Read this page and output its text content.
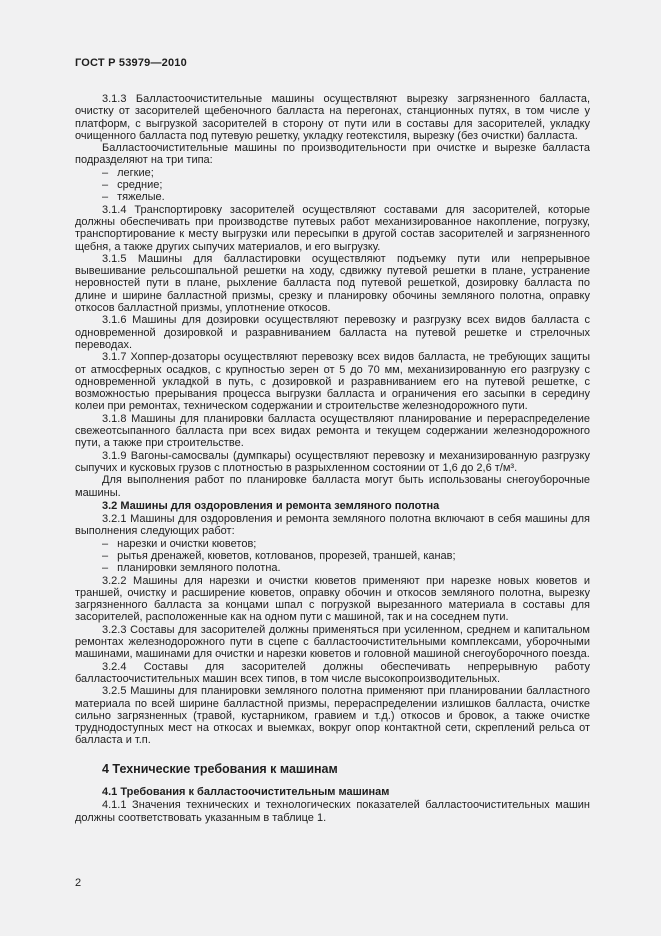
ГОСТ Р 53979—2010
3.1.3 Балластоочистительные машины осуществляют вырезку загрязненного балласта, очистку от засорителей щебеночного балласта на перегонах, станционных путях, в том числе у платформ, с выгрузкой засорителей в сторону от пути или в составы для засорителей, укладку очищенного балласта под путевую решетку, укладку геотекстиля, вырезку (без очистки) балласта.
Балластоочистительные машины по производительности при очистке и вырезке балласта подразделяют на три типа:
– легкие;
– средние;
– тяжелые.
3.1.4 Транспортировку засорителей осуществляют составами для засорителей, которые должны обеспечивать при производстве путевых работ механизированное накопление, погрузку, транспортирование к месту выгрузки или пересыпки в другой состав засорителей и загрязненного щебня, а также других сыпучих материалов, и его выгрузку.
3.1.5 Машины для балластировки осуществляют подъемку пути или непрерывное вывешивание рельсошпальной решетки на ходу, сдвижку путевой решетки в плане, устранение неровностей пути в плане, рыхление балласта под путевой решеткой, дозировку балласта по длине и ширине балластной призмы, срезку и планировку обочины земляного полотна, оправку откосов балластной призмы, уплотнение откосов.
3.1.6 Машины для дозировки осуществляют перевозку и разгрузку всех видов балласта с одновременной дозировкой и разравниванием балласта на путевой решетке и стрелочных переводах.
3.1.7 Хоппер-дозаторы осуществляют перевозку всех видов балласта, не требующих защиты от атмосферных осадков, с крупностью зерен от 5 до 70 мм, механизированную его разгрузку с одновременной укладкой в путь, с дозировкой и разравниванием его на путевой решетке, с возможностью прерывания процесса выгрузки балласта и ограничения его засыпки в середину колеи при ремонтах, техническом содержании и строительстве железнодорожного пути.
3.1.8 Машины для планировки балласта осуществляют планирование и перераспределение свежеотсыпанного балласта при всех видах ремонта и текущем содержании железнодорожного пути, а также при строительстве.
3.1.9 Вагоны-самосвалы (думпкары) осуществляют перевозку и механизированную разгрузку сыпучих и кусковых грузов с плотностью в разрыхленном состоянии от 1,6 до 2,6 т/м³.
Для выполнения работ по планировке балласта могут быть использованы снегоуборочные машины.
3.2 Машины для оздоровления и ремонта земляного полотна
3.2.1 Машины для оздоровления и ремонта земляного полотна включают в себя машины для выполнения следующих работ:
– нарезки и очистки кюветов;
– рытья дренажей, кюветов, котлованов, прорезей, траншей, канав;
– планировки земляного полотна.
3.2.2 Машины для нарезки и очистки кюветов применяют при нарезке новых кюветов и траншей, очистку и расширение кюветов, оправку обочин и откосов земляного полотна, вырезку загрязненного балласта за концами шпал с погрузкой вырезанного материала в составы для засорителей, расположенные как на одном пути с машиной, так и на соседнем пути.
3.2.3 Составы для засорителей должны применяться при усиленном, среднем и капитальном ремонтах железнодорожного пути в сцепе с балластоочистительными комплексами, уборочными машинами, машинами для очистки и нарезки кюветов и головной машиной снегоуборочного поезда.
3.2.4 Составы для засорителей должны обеспечивать непрерывную работу балластоочистительных машин всех типов, в том числе высокопроизводительных.
3.2.5 Машины для планировки земляного полотна применяют при планировании балластного материала по всей ширине балластной призмы, перераспределении излишков балласта, очистке сильно загрязненных (травой, кустарником, гравием и т.д.) откосов и бровок, а также очистке труднодоступных мест на откосах и выемках, вокруг опор контактной сети, скреплений рельса от балласта и т.п.
4 Технические требования к машинам
4.1 Требования к балластоочистительным машинам
4.1.1 Значения технических и технологических показателей балластоочистительных машин должны соответствовать указанным в таблице 1.
2
